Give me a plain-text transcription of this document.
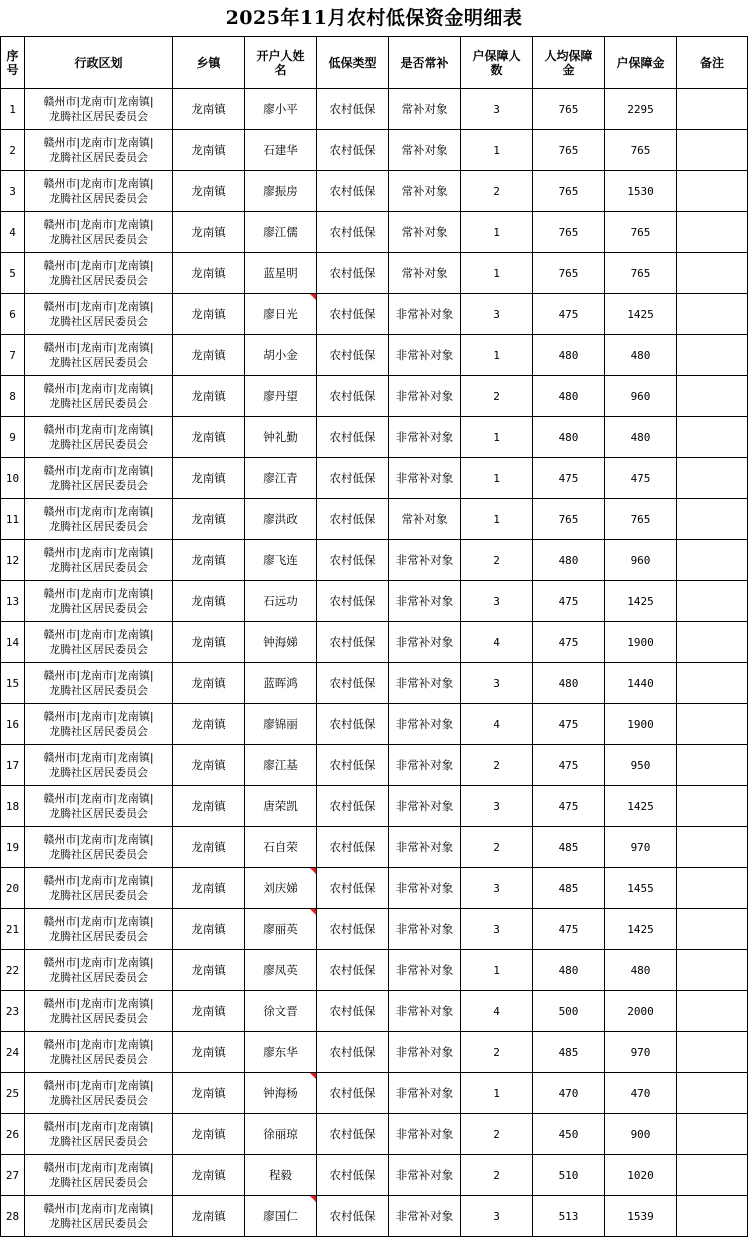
2025年11月农村低保资金明细表
序
号	行政区划	乡镇	开户人姓
名	低保类型	是否常补	户保障人
数	人均保障
金	户保障金	备注
1	赣州市|龙南市|龙南镇|
龙腾社区居民委员会	龙南镇	廖小平	农村低保	常补对象	3	765	2295	
2	赣州市|龙南市|龙南镇|
龙腾社区居民委员会	龙南镇	石建华	农村低保	常补对象	1	765	765	
3	赣州市|龙南市|龙南镇|
龙腾社区居民委员会	龙南镇	廖振房	农村低保	常补对象	2	765	1530	
4	赣州市|龙南市|龙南镇|
龙腾社区居民委员会	龙南镇	廖江儒	农村低保	常补对象	1	765	765	
5	赣州市|龙南市|龙南镇|
龙腾社区居民委员会	龙南镇	蓝星明	农村低保	常补对象	1	765	765	
6	赣州市|龙南市|龙南镇|
龙腾社区居民委员会	龙南镇	廖日光	农村低保	非常补对象	3	475	1425	
7	赣州市|龙南市|龙南镇|
龙腾社区居民委员会	龙南镇	胡小金	农村低保	非常补对象	1	480	480	
8	赣州市|龙南市|龙南镇|
龙腾社区居民委员会	龙南镇	廖丹望	农村低保	非常补对象	2	480	960	
9	赣州市|龙南市|龙南镇|
龙腾社区居民委员会	龙南镇	钟礼勤	农村低保	非常补对象	1	480	480	
10	赣州市|龙南市|龙南镇|
龙腾社区居民委员会	龙南镇	廖江青	农村低保	非常补对象	1	475	475	
11	赣州市|龙南市|龙南镇|
龙腾社区居民委员会	龙南镇	廖洪政	农村低保	常补对象	1	765	765	
12	赣州市|龙南市|龙南镇|
龙腾社区居民委员会	龙南镇	廖飞连	农村低保	非常补对象	2	480	960	
13	赣州市|龙南市|龙南镇|
龙腾社区居民委员会	龙南镇	石远功	农村低保	非常补对象	3	475	1425	
14	赣州市|龙南市|龙南镇|
龙腾社区居民委员会	龙南镇	钟海娣	农村低保	非常补对象	4	475	1900	
15	赣州市|龙南市|龙南镇|
龙腾社区居民委员会	龙南镇	蓝晖鸿	农村低保	非常补对象	3	480	1440	
16	赣州市|龙南市|龙南镇|
龙腾社区居民委员会	龙南镇	廖锦丽	农村低保	非常补对象	4	475	1900	
17	赣州市|龙南市|龙南镇|
龙腾社区居民委员会	龙南镇	廖江基	农村低保	非常补对象	2	475	950	
18	赣州市|龙南市|龙南镇|
龙腾社区居民委员会	龙南镇	唐荣凯	农村低保	非常补对象	3	475	1425	
19	赣州市|龙南市|龙南镇|
龙腾社区居民委员会	龙南镇	石自荣	农村低保	非常补对象	2	485	970	
20	赣州市|龙南市|龙南镇|
龙腾社区居民委员会	龙南镇	刘庆娣	农村低保	非常补对象	3	485	1455	
21	赣州市|龙南市|龙南镇|
龙腾社区居民委员会	龙南镇	廖丽英	农村低保	非常补对象	3	475	1425	
22	赣州市|龙南市|龙南镇|
龙腾社区居民委员会	龙南镇	廖凤英	农村低保	非常补对象	1	480	480	
23	赣州市|龙南市|龙南镇|
龙腾社区居民委员会	龙南镇	徐文晋	农村低保	非常补对象	4	500	2000	
24	赣州市|龙南市|龙南镇|
龙腾社区居民委员会	龙南镇	廖东华	农村低保	非常补对象	2	485	970	
25	赣州市|龙南市|龙南镇|
龙腾社区居民委员会	龙南镇	钟海杨	农村低保	非常补对象	1	470	470	
26	赣州市|龙南市|龙南镇|
龙腾社区居民委员会	龙南镇	徐丽琼	农村低保	非常补对象	2	450	900	
27	赣州市|龙南市|龙南镇|
龙腾社区居民委员会	龙南镇	程毅	农村低保	非常补对象	2	510	1020	
28	赣州市|龙南市|龙南镇|
龙腾社区居民委员会	龙南镇	廖国仁	农村低保	非常补对象	3	513	1539	
